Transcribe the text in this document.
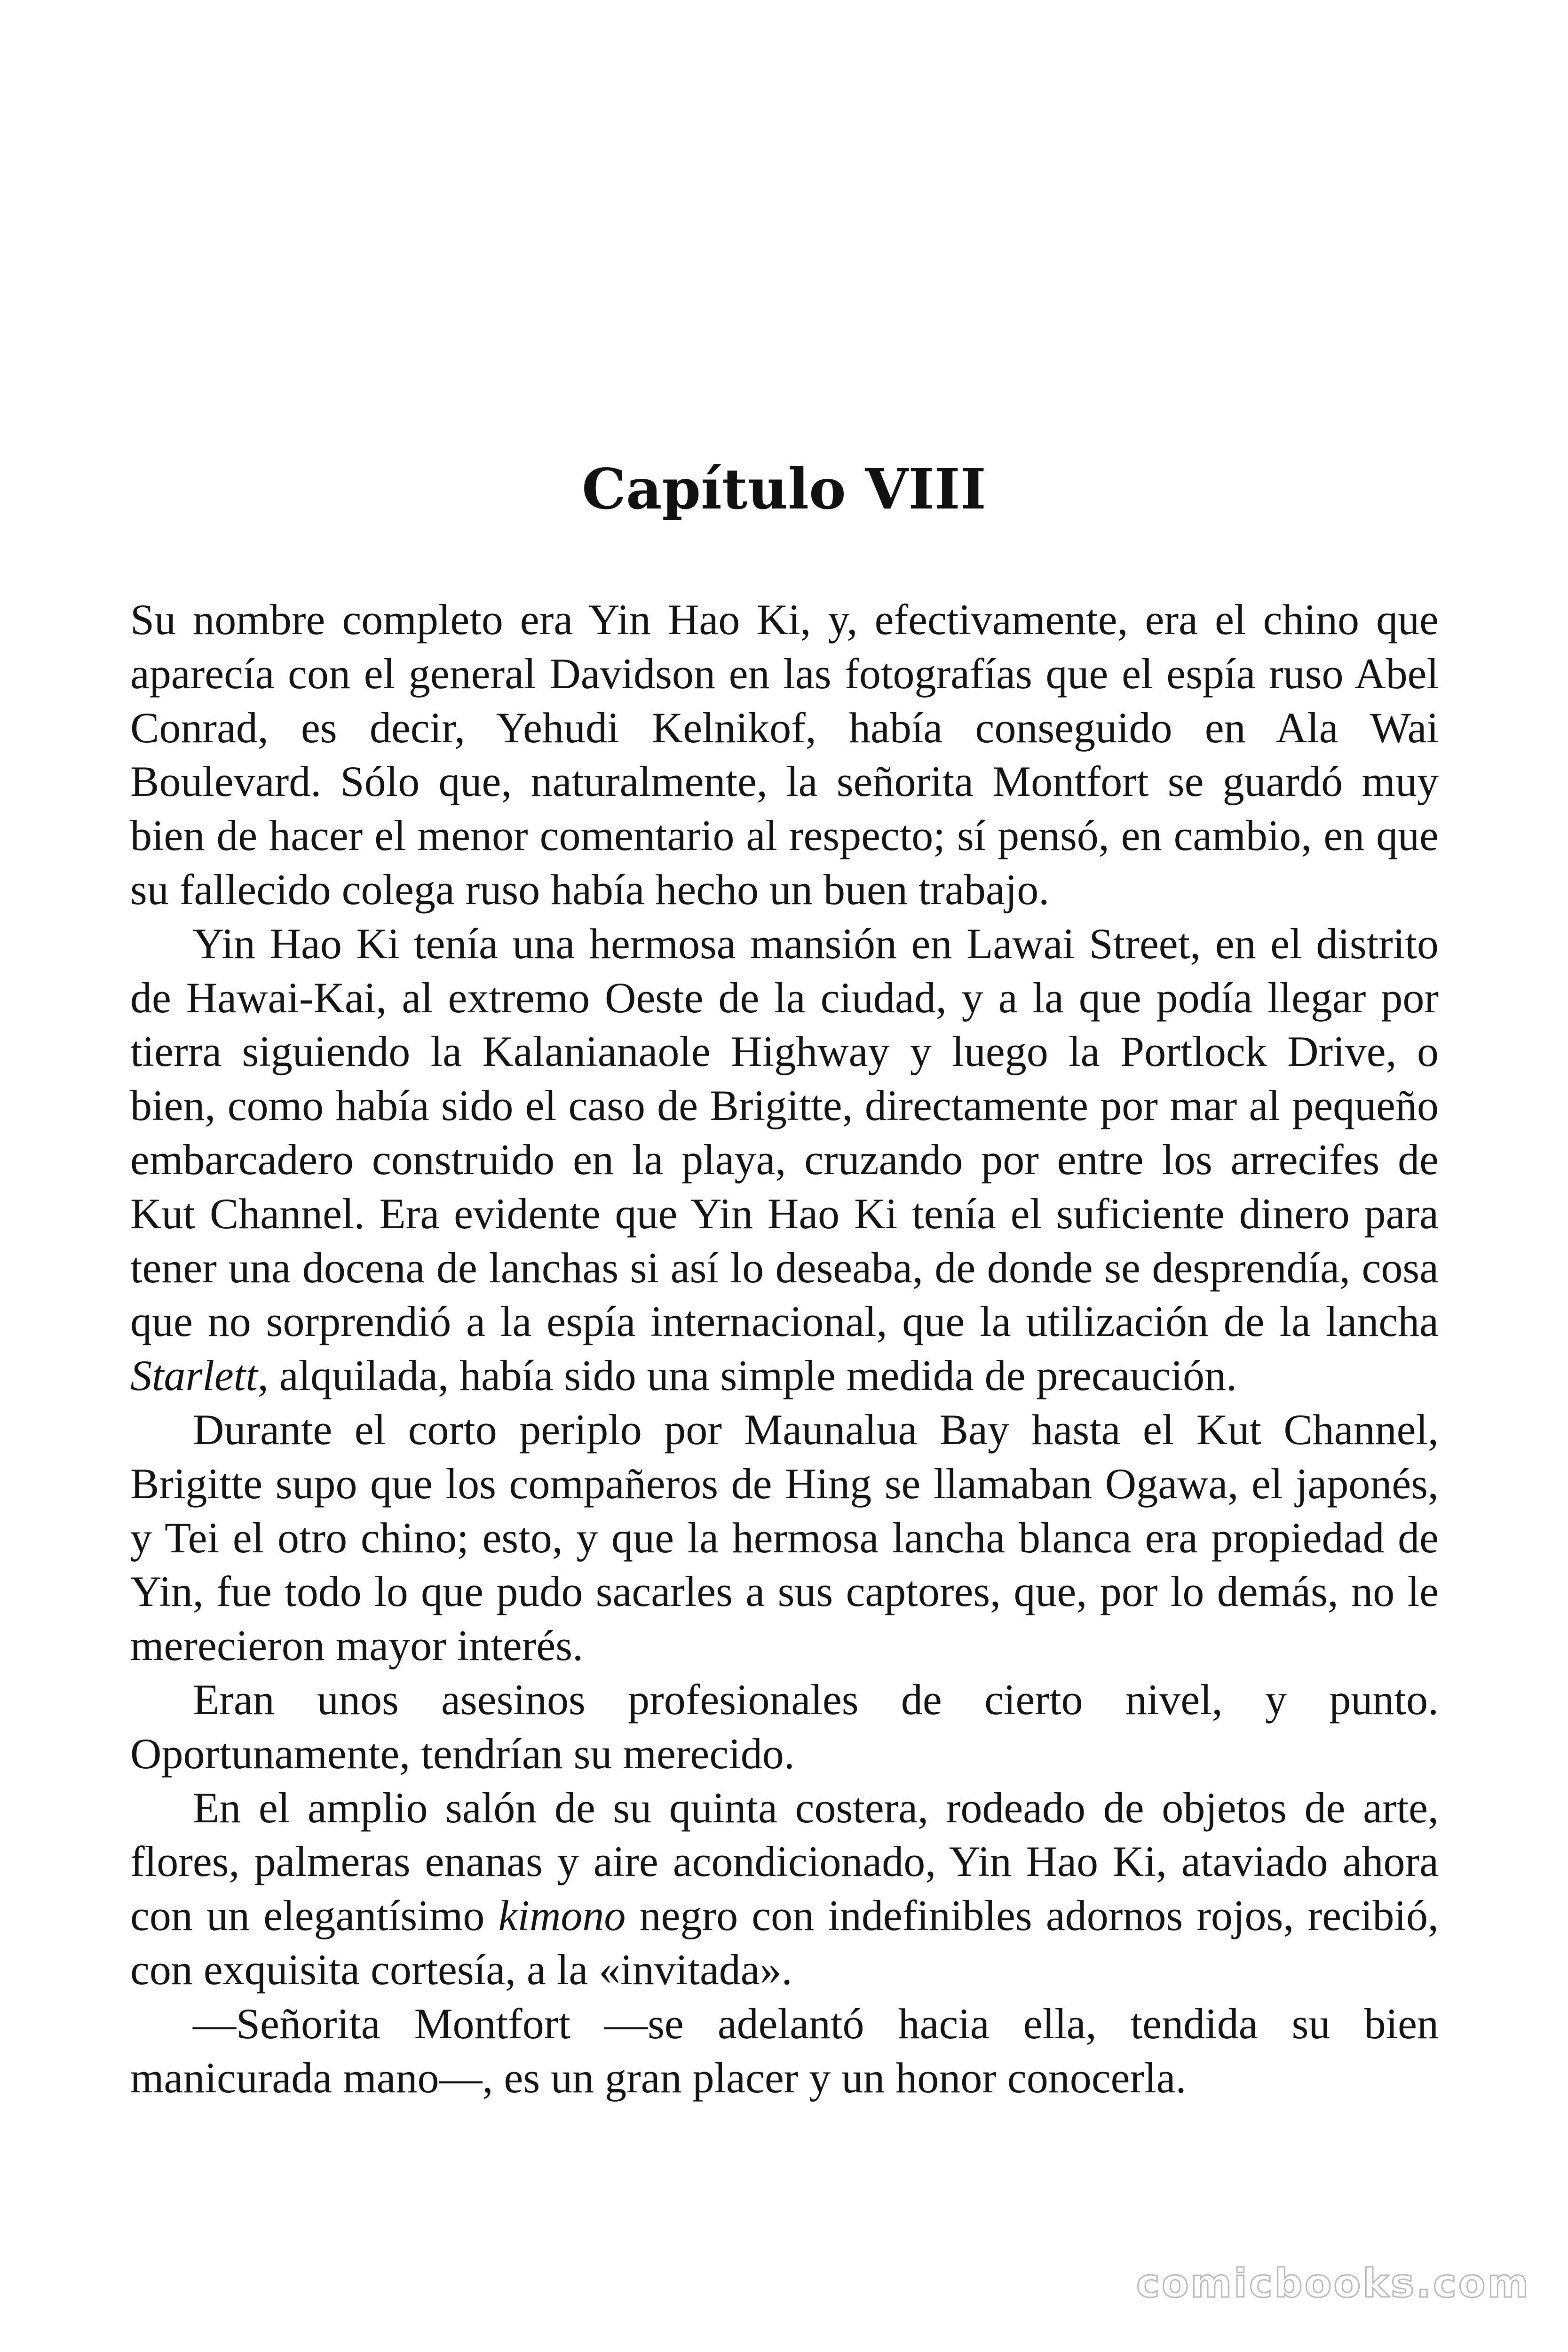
Capítulo VIII

Su nombre completo era Yin Hao Ki, y, efectivamente, era el chino que aparecía con el general Davidson en las fotografías que el espía ruso Abel Conrad, es decir, Yehudi Kelnikof, había conseguido en Ala Wai Boulevard. Sólo que, naturalmente, la señorita Montfort se guardó muy bien de hacer el menor comentario al respecto; sí pensó, en cambio, en que su fallecido colega ruso había hecho un buen trabajo.

Yin Hao Ki tenía una hermosa mansión en Lawai Street, en el distrito de Hawai-Kai, al extremo Oeste de la ciudad, y a la que podía llegar por tierra siguiendo la Kalanianaole Highway y luego la Portlock Drive, o bien, como había sido el caso de Brigitte, directamente por mar al pequeño embarcadero construido en la playa, cruzando por entre los arrecifes de Kut Channel. Era evidente que Yin Hao Ki tenía el suficiente dinero para tener una docena de lanchas si así lo deseaba, de donde se desprendía, cosa que no sorprendió a la espía internacional, que la utilización de la lancha Starlett, alquilada, había sido una simple medida de precaución.

Durante el corto periplo por Maunalua Bay hasta el Kut Channel, Brigitte supo que los compañeros de Hing se llamaban Ogawa, el japonés, y Tei el otro chino; esto, y que la hermosa lancha blanca era propiedad de Yin, fue todo lo que pudo sacarles a sus captores, que, por lo demás, no le merecieron mayor interés.

Eran unos asesinos profesionales de cierto nivel, y punto. Oportunamente, tendrían su merecido.

En el amplio salón de su quinta costera, rodeado de objetos de arte, flores, palmeras enanas y aire acondicionado, Yin Hao Ki, ataviado ahora con un elegantísimo kimono negro con indefinibles adornos rojos, recibió, con exquisita cortesía, a la «invitada».

—Señorita Montfort —se adelantó hacia ella, tendida su bien manicurada mano—, es un gran placer y un honor conocerla.

comicbooks.com
